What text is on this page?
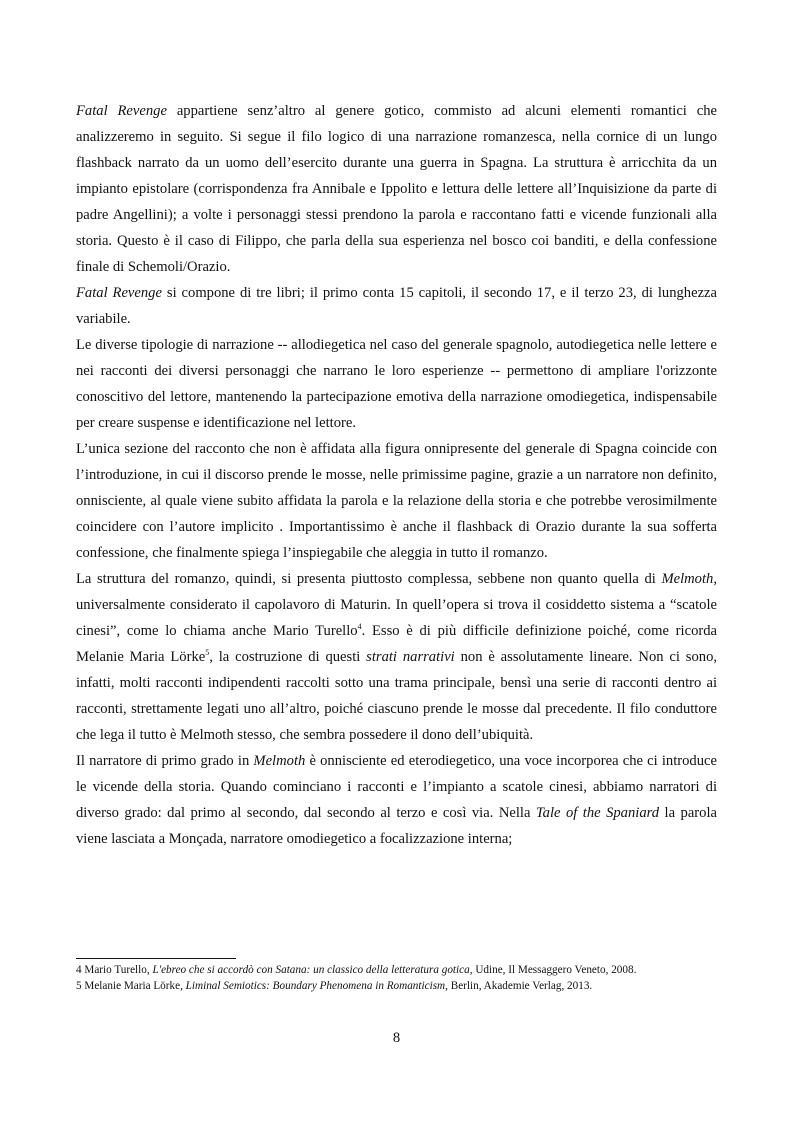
Fatal Revenge appartiene senz’altro al genere gotico, commisto ad alcuni elementi romantici che analizzeremo in seguito. Si segue il filo logico di una narrazione romanzesca, nella cornice di un lungo flashback narrato da un uomo dell’esercito durante una guerra in Spagna. La struttura è arricchita da un impianto epistolare (corrispondenza fra Annibale e Ippolito e lettura delle lettere all’Inquisizione da parte di padre Angellini); a volte i personaggi stessi prendono la parola e raccontano fatti e vicende funzionali alla storia. Questo è il caso di Filippo, che parla della sua esperienza nel bosco coi banditi, e della confessione finale di Schemoli/Orazio.

Fatal Revenge si compone di tre libri; il primo conta 15 capitoli, il secondo 17, e il terzo 23, di lunghezza variabile.

Le diverse tipologie di narrazione -- allodiegetica nel caso del generale spagnolo, autodiegetica nelle lettere e nei racconti dei diversi personaggi che narrano le loro esperienze -- permettono di ampliare l'orizzonte conoscitivo del lettore, mantenendo la partecipazione emotiva della narrazione omodiegetica, indispensabile per creare suspense e identificazione nel lettore.

L’unica sezione del racconto che non è affidata alla figura onnipresente del generale di Spagna coincide con l’introduzione, in cui il discorso prende le mosse, nelle primissime pagine, grazie a un narratore non definito, onnisciente, al quale viene subito affidata la parola e la relazione della storia e che potrebbe verosimilmente coincidere con l’autore implicito . Importantissimo è anche il flashback di Orazio durante la sua sofferta confessione, che finalmente spiega l’inspiegabile che aleggia in tutto il romanzo.

La struttura del romanzo, quindi, si presenta piuttosto complessa, sebbene non quanto quella di Melmoth, universalmente considerato il capolavoro di Maturin. In quell’opera si trova il cosiddetto sistema a “scatole cinesi”, come lo chiama anche Mario Turello$^4$. Esso è di più difficile definizione poiché, come ricorda Melanie Maria Lörke$^5$, la costruzione di questi strati narrativi non è assolutamente lineare. Non ci sono, infatti, molti racconti indipendenti raccolti sotto una trama principale, bensì una serie di racconti dentro ai racconti, strettamente legati uno all’altro, poiché ciascuno prende le mosse dal precedente. Il filo conduttore che lega il tutto è Melmoth stesso, che sembra possedere il dono dell’ubiquità.

Il narratore di primo grado in Melmoth è onnisciente ed eterodiegetico, una voce incorporea che ci introduce le vicende della storia. Quando cominciano i racconti e l’impianto a scatole cinesi, abbiamo narratori di diverso grado: dal primo al secondo, dal secondo al terzo e così via. Nella Tale of the Spaniard la parola viene lasciata a Monçada, narratore omodiegetico a focalizzazione interna;

4 Mario Turello, L'ebreo che si accordò con Satana: un classico della letteratura gotica, Udine, Il Messaggero Veneto, 2008.

5 Melanie Maria Lörke, Liminal Semiotics: Boundary Phenomena in Romanticism, Berlin, Akademie Verlag, 2013.

8
